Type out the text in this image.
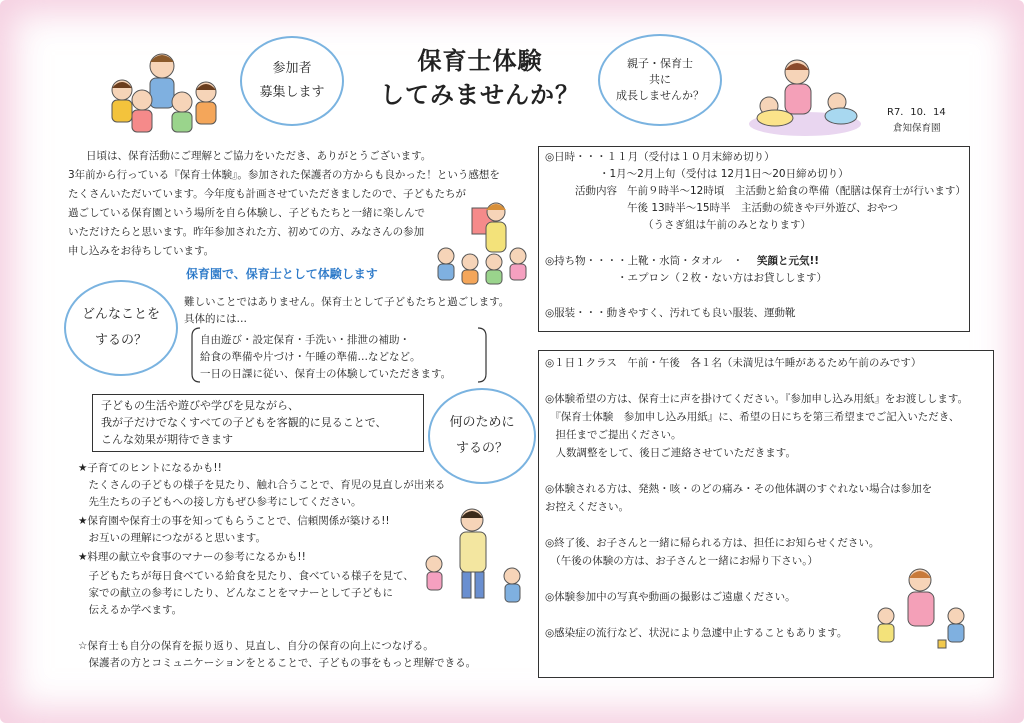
参加者
募集します
保育士体験
してみませんか？
親子・保育士
共に
成長しませんか？
R7．10．14
倉知保育園
日頃は、保育活動にご理解とご協力をいただき、ありがとうございます。
3年前から行っている『保育士体験』。参加された保護者の方からも良かった！という感想を
たくさんいただいています。今年度も計画させていただきましたので、子どもたちが
過ごしている保育園という場所を自ら体験し、子どもたちと一緒に楽しんで
いただけたらと思います。昨年参加された方、初めての方、みなさんの参加
申し込みをお待ちしています。
保育園で、保育士として体験します
どんなことを
するの？
難しいことではありません。保育士として子どもたちと過ごします。
具体的には…
自由遊び・設定保育・手洗い・排泄の補助・
給食の準備や片づけ・午睡の準備…などなど。
一日の日課に従い、保育士の体験していただきます。
子どもの生活や遊びや学びを見ながら、
我が子だけでなくすべての子どもを客観的に見ることで、
こんな効果が期待できます
何のために
するの？
★子育てのヒントになるかも!!
　たくさんの子どもの様子を見たり、触れ合うことで、育児の見直しが出来る
　先生たちの子どもへの接し方もぜひ参考にしてください。
★保育園や保育士の事を知ってもらうことで、信頼関係が築ける!!
　お互いの理解につながると思います。
★料理の献立や食事のマナーの参考になるかも!!
　子どもたちが毎日食べている給食を見たり、食べている様子を見て、
　家での献立の参考にしたり、どんなことをマナーとして子どもに
　伝えるか学べます。
☆保育士も自分の保育を振り返り、見直し、自分の保育の向上につなげる。
　保護者の方とコミュニケーションをとることで、子どもの事をもっと理解できる。
◎日時・・・１１月（受付は１０月末締め切り）
・1月～2月上旬（受付は 12月1日～20日締め切り）
活動内容 午前９時半～12時頃　主活動と給食の準備（配膳は保育士が行います）
午後 13時半～15時半　主活動の続きや戸外遊び、おやつ
（うさぎ組は午前のみとなります）
◎持ち物・・・・上靴・水筒・タオル　・ 笑顔と元気!!
・エプロン（２枚・ない方はお貸しします）
◎服装・・・動きやすく、汚れても良い服装、運動靴
◎１日１クラス　午前・午後　各１名（未満児は午睡があるため午前のみです）
◎体験希望の方は、保育士に声を掛けてください。『参加申し込み用紙』をお渡しします。
　『保育士体験　参加申し込み用紙』に、希望の日にちを第三希望までご記入いただき、
　担任までご提出ください。
　人数調整をして、後日ご連絡させていただきます。
◎体験される方は、発熱・咳・のどの痛み・その他体調のすぐれない場合は参加を
お控えください。
◎終了後、お子さんと一緒に帰られる方は、担任にお知らせください。
　（午後の体験の方は、お子さんと一緒にお帰り下さい。）
◎体験参加中の写真や動画の撮影はご遠慮ください。
◎感染症の流行など、状況により急遽中止することもあります。
